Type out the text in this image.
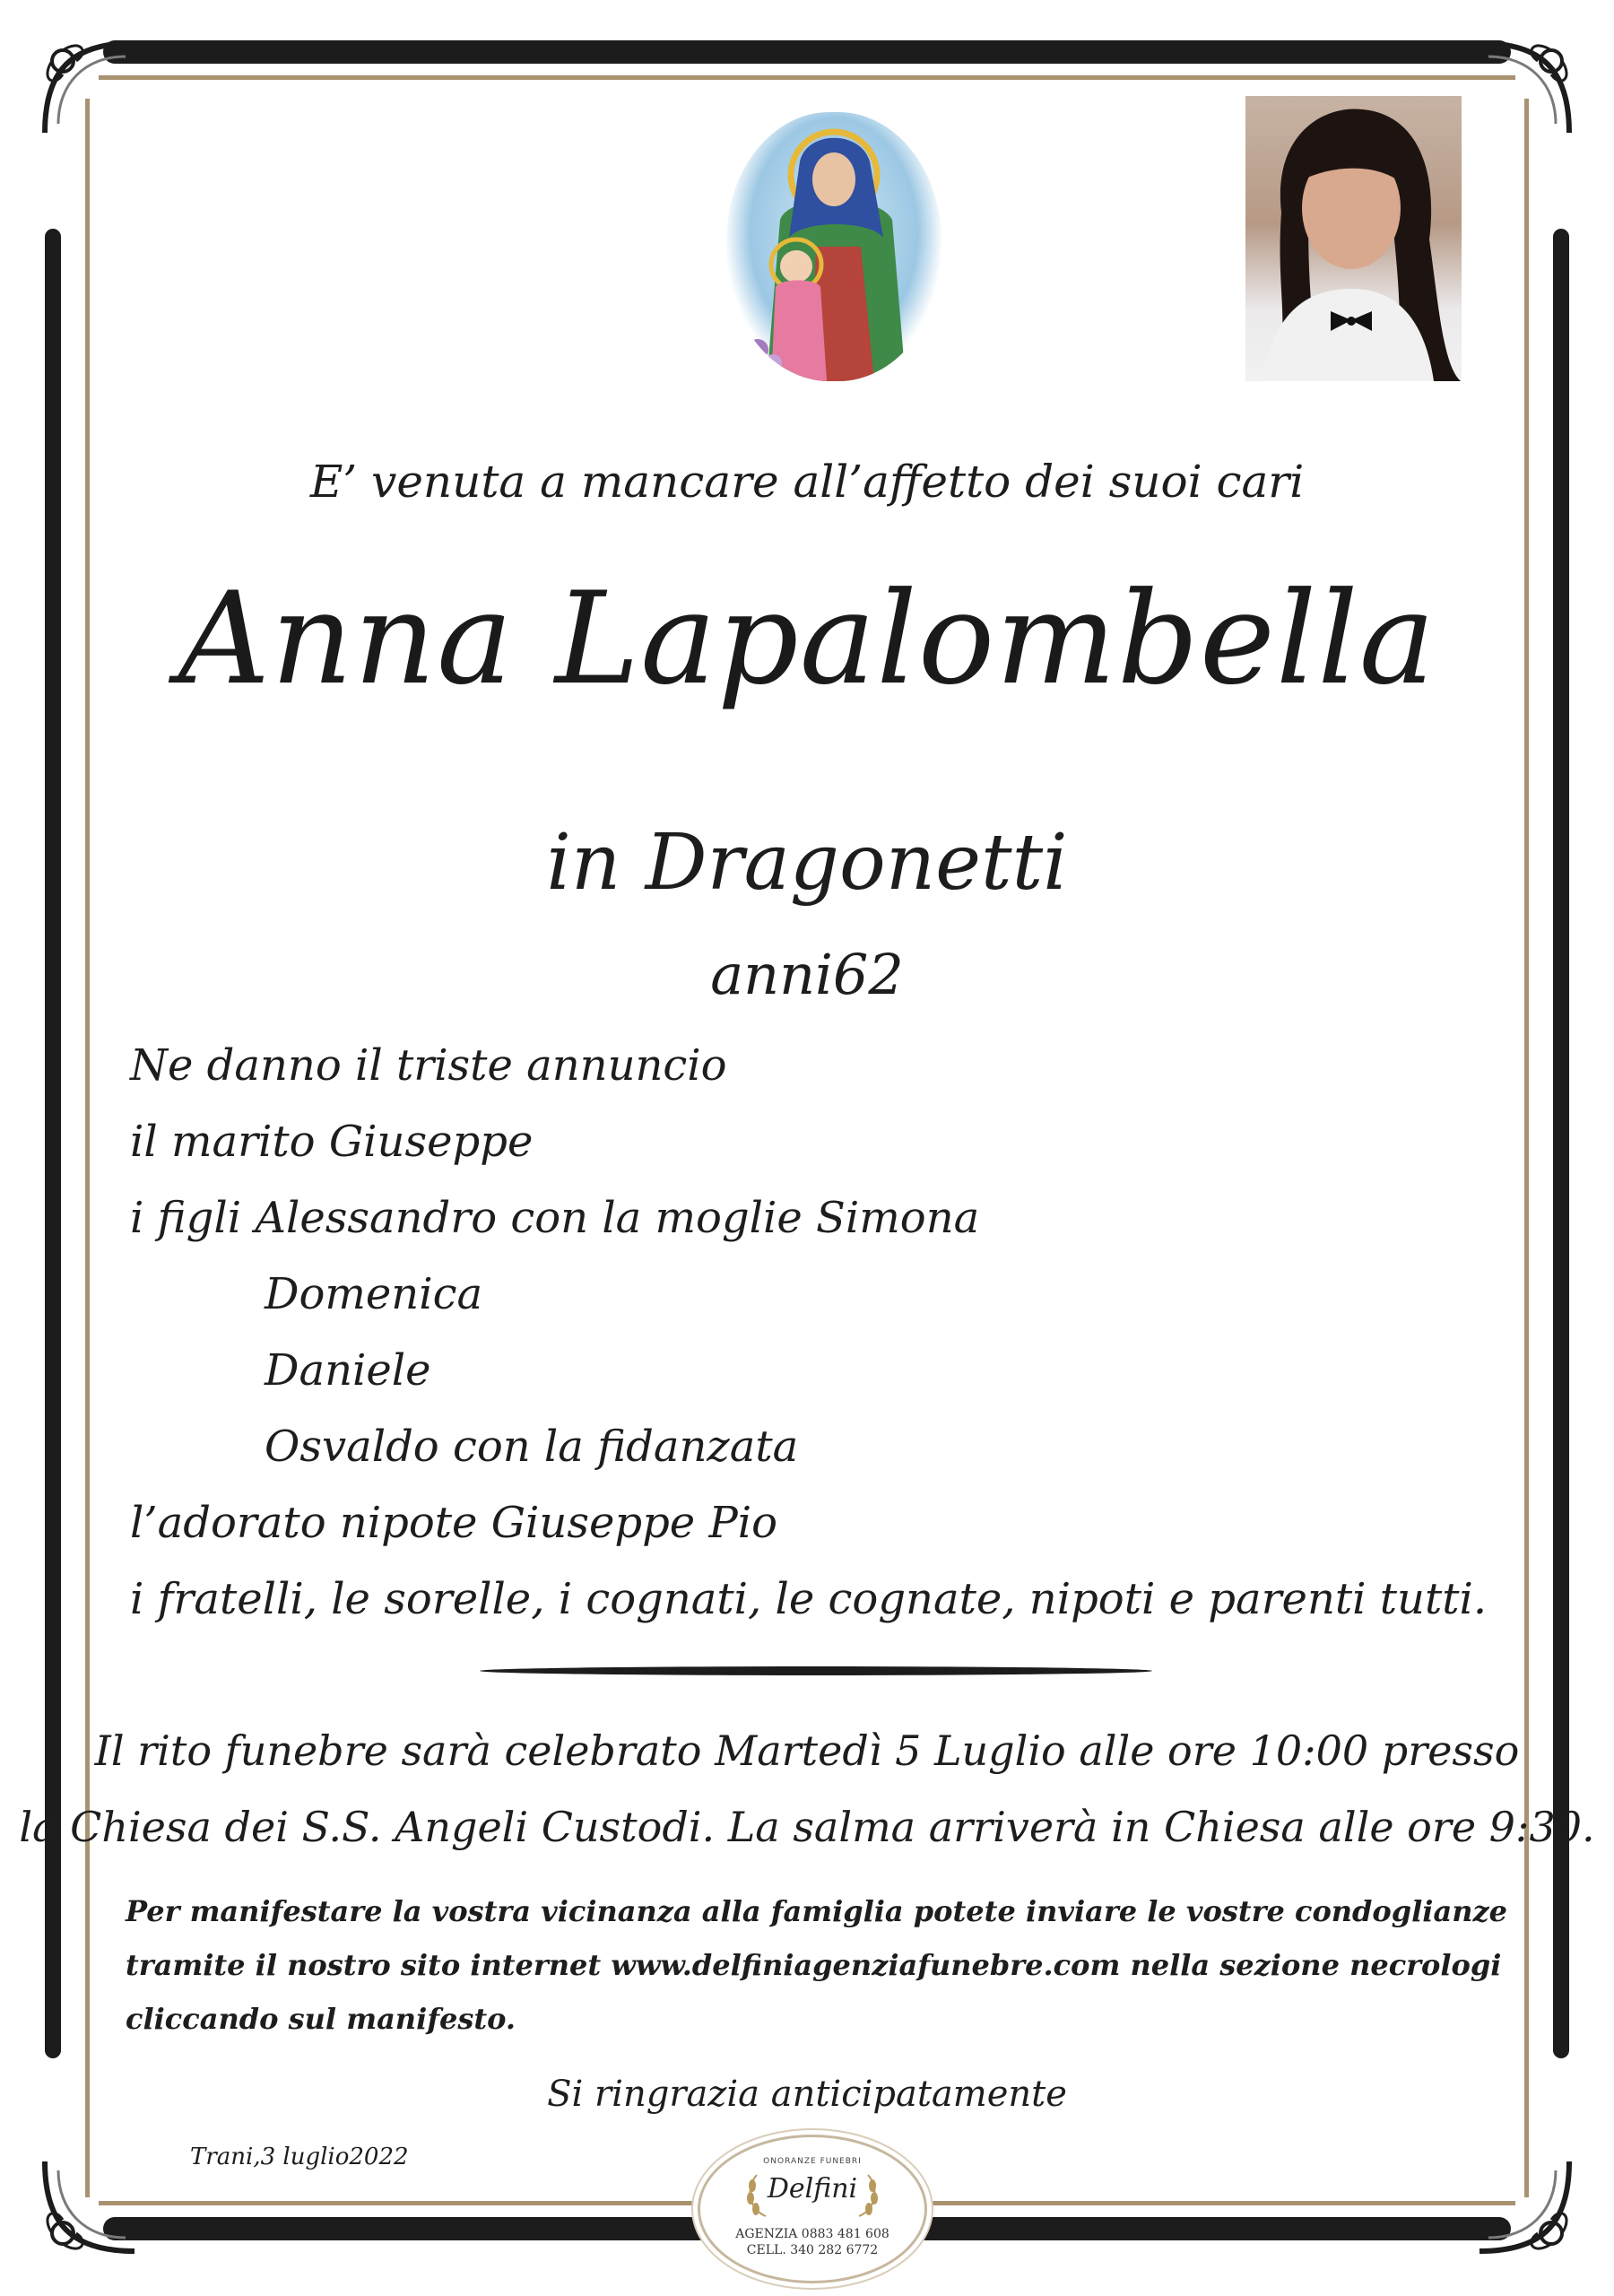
E’ venuta a mancare all’affetto dei suoi cari
Anna Lapalombella
in Dragonetti
anni62
Ne danno il triste annuncio
il marito Giuseppe
i figli Alessandro con la moglie Simona
Domenica
Daniele
Osvaldo con la fidanzata
l’adorato nipote Giuseppe Pio
i fratelli, le sorelle, i cognati, le cognate, nipoti e parenti tutti.
Il rito funebre sarà celebrato Martedì 5 Luglio alle ore 10:00 presso
la Chiesa dei S.S. Angeli Custodi. La salma arriverà in Chiesa alle ore 9:30.
Per manifestare la vostra vicinanza alla famiglia potete inviare le vostre condoglianze
tramite il nostro sito internet www.delfiniagenziafunebre.com nella sezione necrologi
cliccando sul manifesto.
Si ringrazia anticipatamente
Trani,3 luglio2022	ONORANZE FUNEBRI
Delfini
AGENZIA 0883 481 608
CELL. 340 282 6772
